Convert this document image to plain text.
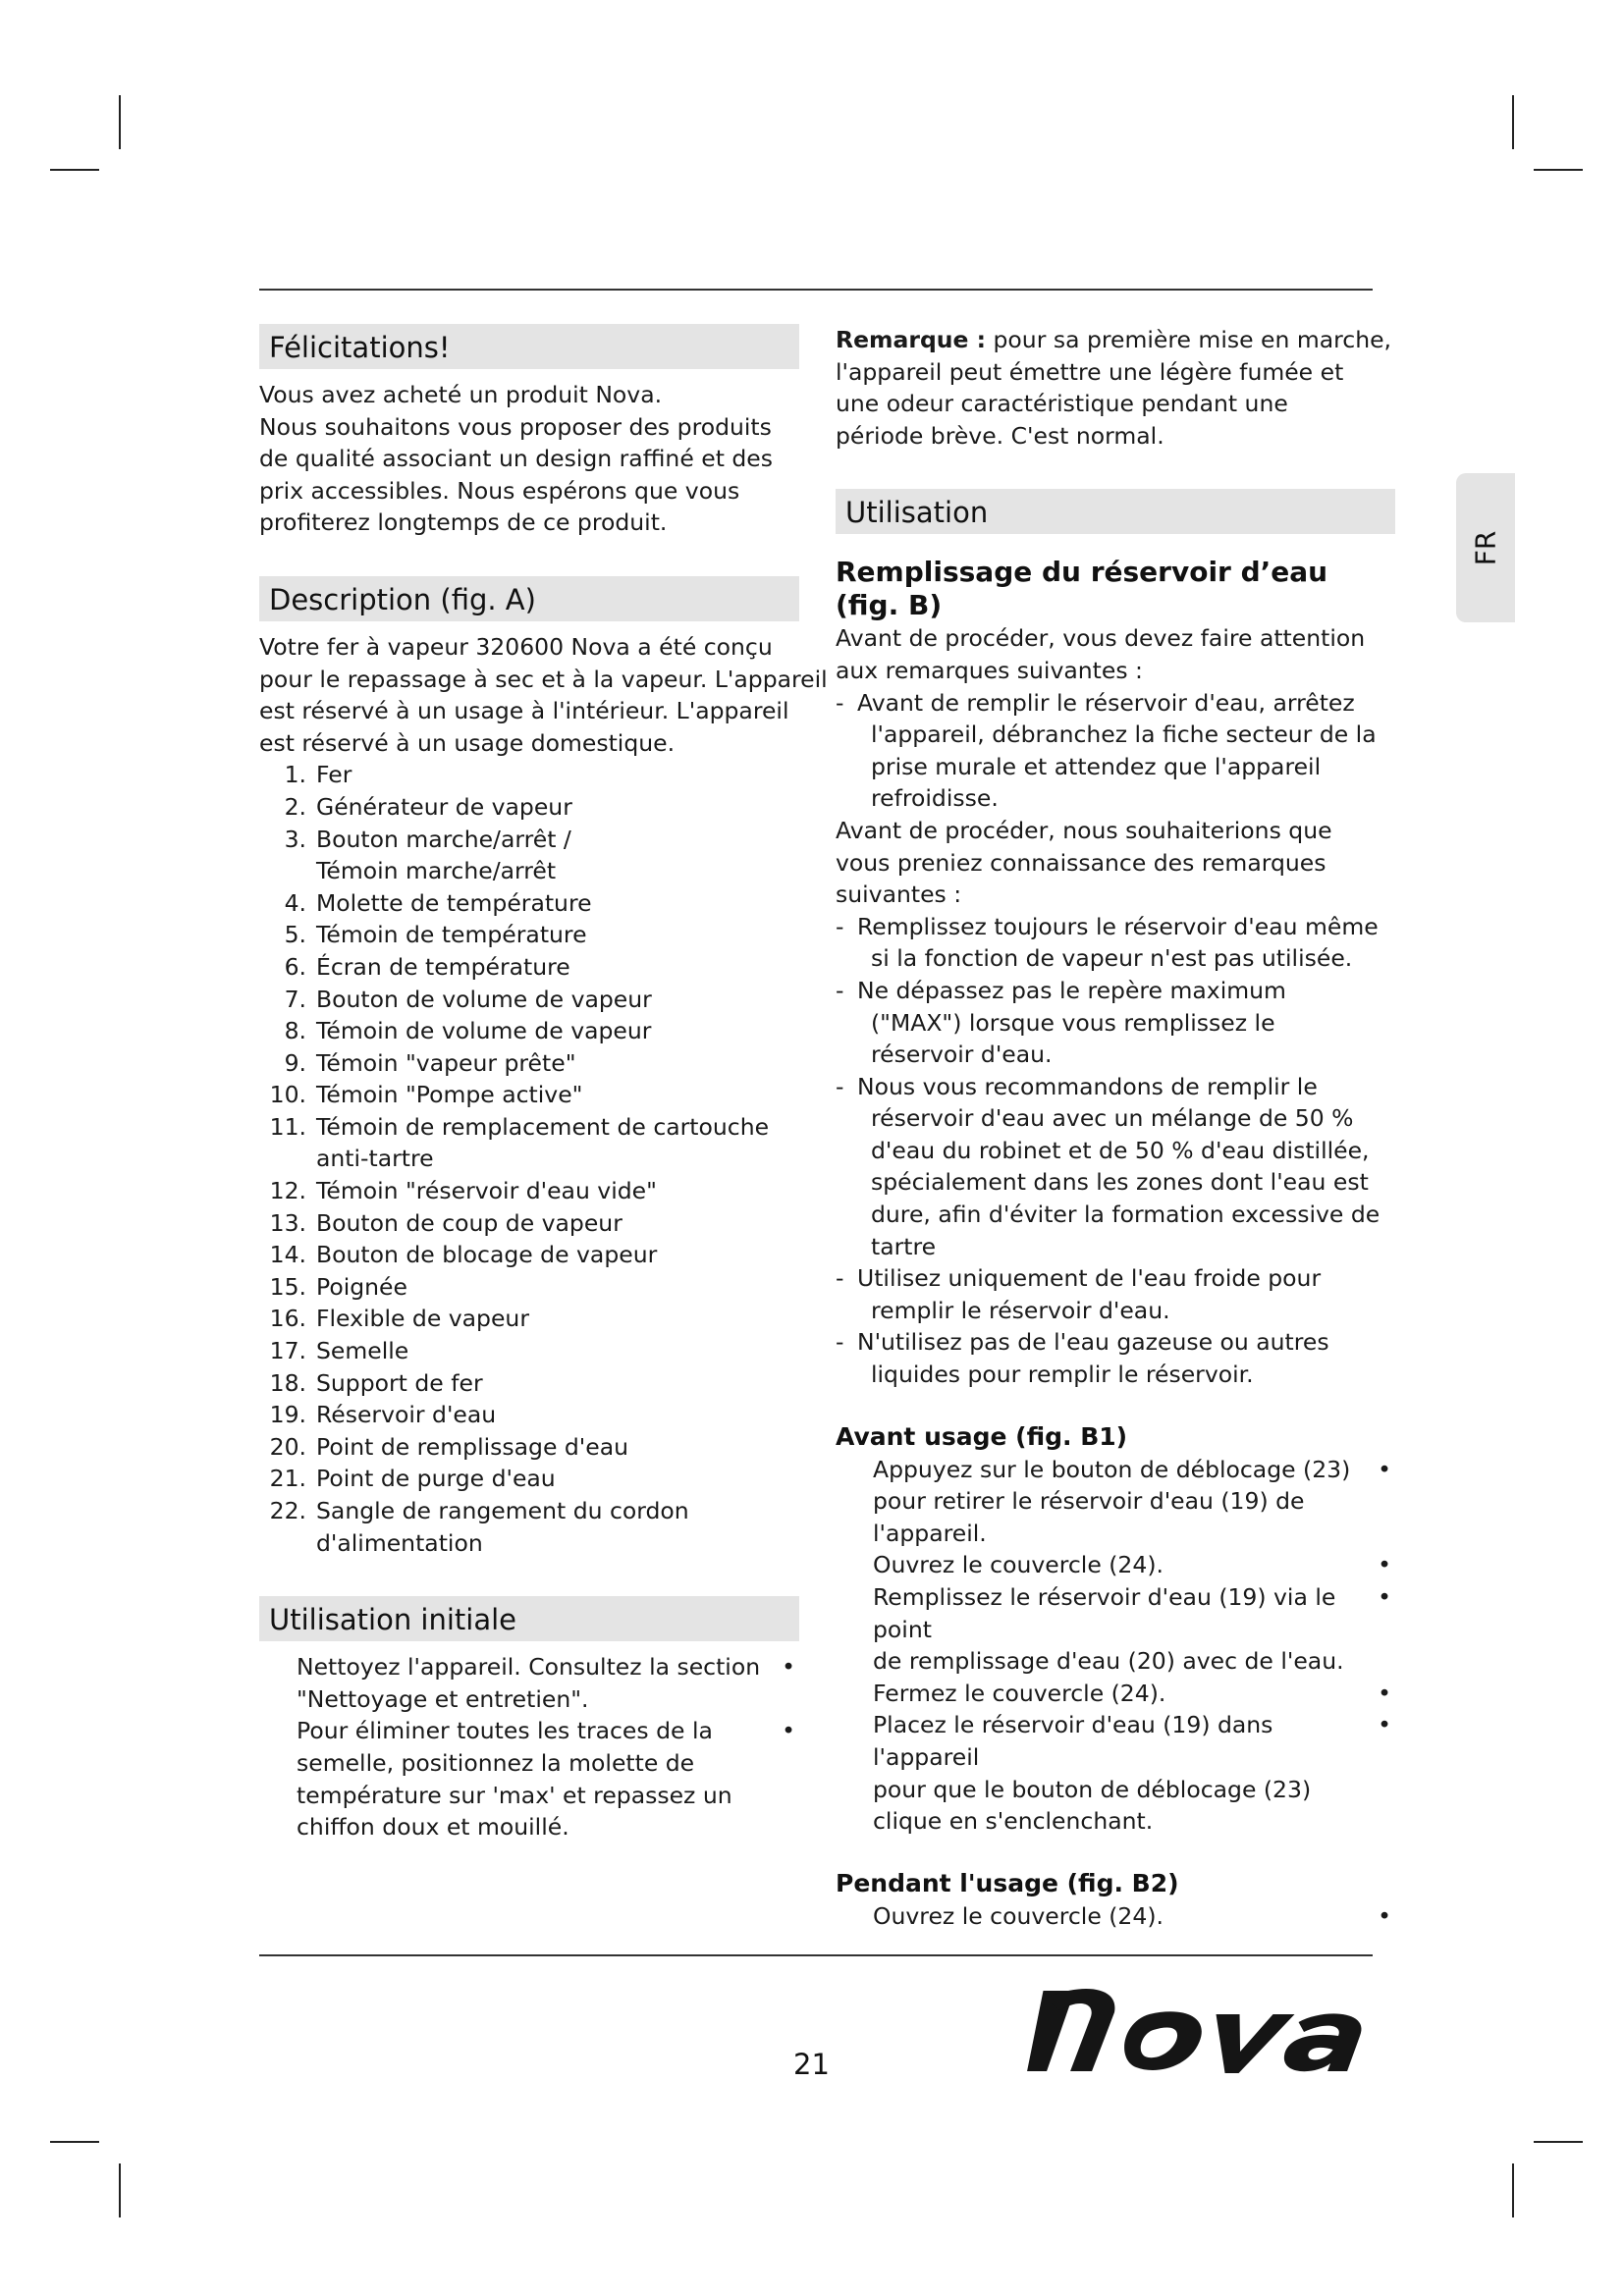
Félicitations!

Vous avez acheté un produit Nova.

Nous souhaitons vous proposer des produits

de qualité associant un design raffiné et des

prix accessibles. Nous espérons que vous

profiterez longtemps de ce produit.

Description (fig. A)

Votre fer à vapeur 320600 Nova a été conçu

pour le repassage à sec et à la vapeur. L'appareil

est réservé à un usage à l'intérieur. L'appareil

est réservé à un usage domestique.

1. Fer
2. Générateur de vapeur
3. Bouton marche/arrêt /
Témoin marche/arrêt
4. Molette de température
5. Témoin de température
6. Écran de température
7. Bouton de volume de vapeur
8. Témoin de volume de vapeur
9. Témoin "vapeur prête"
10. Témoin "Pompe active"
11. Témoin de remplacement de cartouche
anti-tartre
12. Témoin "réservoir d'eau vide"
13. Bouton de coup de vapeur
14. Bouton de blocage de vapeur
15. Poignée
16. Flexible de vapeur
17. Semelle
18. Support de fer
19. Réservoir d'eau
20. Point de remplissage d'eau
21. Point de purge d'eau
22. Sangle de rangement du cordon
d'alimentation
Utilisation initiale
Nettoyez l'appareil. Consultez la section
"Nettoyage et entretien".
•
Pour éliminer toutes les traces de la
semelle, positionnez la molette de
température sur 'max' et repassez un
chiffon doux et mouillé.
•

Remarque : pour sa première mise en marche,

l'appareil peut émettre une légère fumée et

une odeur caractéristique pendant une

période brève. C'est normal.

Utilisation

Remplissage du réservoir d’eau

(fig. B)

Avant de procéder, vous devez faire attention

aux remarques suivantes :

- Avant de remplir le réservoir d'eau, arrêtez
l'appareil, débranchez la fiche secteur de la
prise murale et attendez que l'appareil
refroidisse.

Avant de procéder, nous souhaiterions que

vous preniez connaissance des remarques

suivantes :

- Remplissez toujours le réservoir d'eau même
si la fonction de vapeur n'est pas utilisée.
- Ne dépassez pas le repère maximum
("MAX") lorsque vous remplissez le
réservoir d'eau.
- Nous vous recommandons de remplir le
réservoir d'eau avec un mélange de 50 %
d'eau du robinet et de 50 % d'eau distillée,
spécialement dans les zones dont l'eau est
dure, afin d'éviter la formation excessive de
tartre
- Utilisez uniquement de l'eau froide pour
remplir le réservoir d'eau.
- N'utilisez pas de l'eau gazeuse ou autres
liquides pour remplir le réservoir.

Avant usage (fig. B1)

Appuyez sur le bouton de déblocage (23)
pour retirer le réservoir d'eau (19) de
l'appareil.
•
Ouvrez le couvercle (24).	•
Remplissez le réservoir d'eau (19) via le point
de remplissage d'eau (20) avec de l'eau.
•
Fermez le couvercle (24).	•
Placez le réservoir d'eau (19) dans l'appareil
pour que le bouton de déblocage (23)
clique en s'enclenchant.
•

Pendant l'usage (fig. B2)

Ouvrez le couvercle (24).	•
FR
21
